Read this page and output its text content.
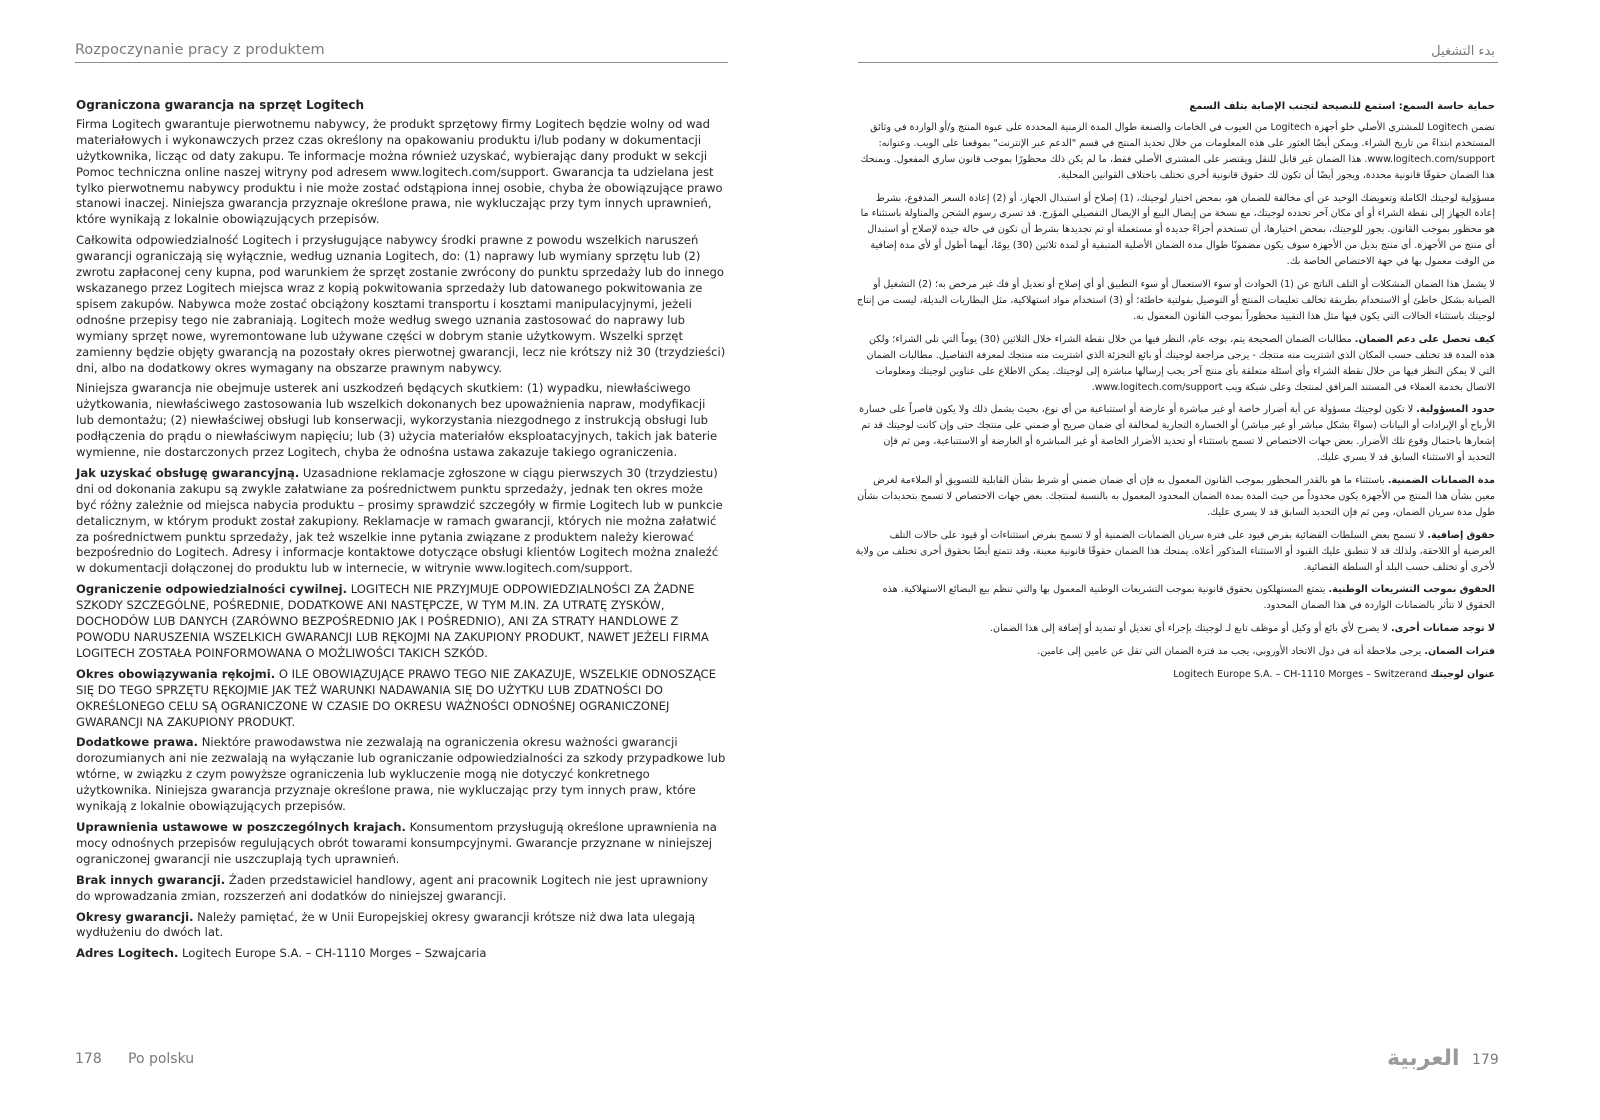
Rozpoczynanie pracy z produktem
Ograniczona gwarancja na sprzęt Logitech

Firma Logitech gwarantuje pierwotnemu nabywcy, że produkt sprzętowy firmy Logitech będzie wolny od wad materiałowych i wykonawczych przez czas określony na opakowaniu produktu i/lub podany w dokumentacji użytkownika, licząc od daty zakupu. Te informacje można również uzyskać, wybierając dany produkt w sekcji Pomoc techniczna online naszej witryny pod adresem www.logitech.com/support. Gwarancja ta udzielana jest tylko pierwotnemu nabywcy produktu i nie może zostać odstąpiona innej osobie, chyba że obowiązujące prawo stanowi inaczej. Niniejsza gwarancja przyznaje określone prawa, nie wykluczając przy tym innych uprawnień, które wynikają z lokalnie obowiązujących przepisów.

Całkowita odpowiedzialność Logitech i przysługujące nabywcy środki prawne z powodu wszelkich naruszeń gwarancji ograniczają się wyłącznie, według uznania Logitech, do: (1) naprawy lub wymiany sprzętu lub (2) zwrotu zapłaconej ceny kupna, pod warunkiem że sprzęt zostanie zwrócony do punktu sprzedaży lub do innego wskazanego przez Logitech miejsca wraz z kopią pokwitowania sprzedaży lub datowanego pokwitowania ze spisem zakupów. Nabywca może zostać obciążony kosztami transportu i kosztami manipulacyjnymi, jeżeli odnośne przepisy tego nie zabraniają. Logitech może według swego uznania zastosować do naprawy lub wymiany sprzęt nowe, wyremontowane lub używane części w dobrym stanie użytkowym. Wszelki sprzęt zamienny będzie objęty gwarancją na pozostały okres pierwotnej gwarancji, lecz nie krótszy niż 30 (trzydzieści) dni, albo na dodatkowy okres wymagany na obszarze prawnym nabywcy.

Niniejsza gwarancja nie obejmuje usterek ani uszkodzeń będących skutkiem: (1) wypadku, niewłaściwego użytkowania, niewłaściwego zastosowania lub wszelkich dokonanych bez upoważnienia napraw, modyfikacji lub demontażu; (2) niewłaściwej obsługi lub konserwacji, wykorzystania niezgodnego z instrukcją obsługi lub podłączenia do prądu o niewłaściwym napięciu; lub (3) użycia materiałów eksploatacyjnych, takich jak baterie wymienne, nie dostarczonych przez Logitech, chyba że odnośna ustawa zakazuje takiego ograniczenia.

Jak uzyskać obsługę gwarancyjną. Uzasadnione reklamacje zgłoszone w ciągu pierwszych 30 (trzydziestu) dni od dokonania zakupu są zwykle załatwiane za pośrednictwem punktu sprzedaży, jednak ten okres może być różny zależnie od miejsca nabycia produktu – prosimy sprawdzić szczegóły w firmie Logitech lub w punkcie detalicznym, w którym produkt został zakupiony. Reklamacje w ramach gwarancji, których nie można załatwić za pośrednictwem punktu sprzedaży, jak też wszelkie inne pytania związane z produktem należy kierować bezpośrednio do Logitech. Adresy i informacje kontaktowe dotyczące obsługi klientów Logitech można znaleźć w dokumentacji dołączonej do produktu lub w internecie, w witrynie www.logitech.com/support.

Ograniczenie odpowiedzialności cywilnej. LOGITECH NIE PRZYJMUJE ODPOWIEDZIALNOŚCI ZA ŻADNE SZKODY SZCZEGÓLNE, POŚREDNIE, DODATKOWE ANI NASTĘPCZE, W TYM M.IN. ZA UTRATĘ ZYSKÓW, DOCHODÓW LUB DANYCH (ZARÓWNO BEZPOŚREDNIO JAK I POŚREDNIO), ANI ZA STRATY HANDLOWE Z POWODU NARUSZENIA WSZELKICH GWARANCJI LUB RĘKOJMI NA ZAKUPIONY PRODUKT, NAWET JEŻELI FIRMA LOGITECH ZOSTAŁA POINFORMOWANA O MOŻLIWOŚCI TAKICH SZKÓD.

Okres obowiązywania rękojmi. O ILE OBOWIĄZUJĄCE PRAWO TEGO NIE ZAKAZUJE, WSZELKIE ODNOSZĄCE SIĘ DO TEGO SPRZĘTU RĘKOJMIE JAK TEŻ WARUNKI NADAWANIA SIĘ DO UŻYTKU LUB ZDATNOŚCI DO OKREŚLONEGO CELU SĄ OGRANICZONE W CZASIE DO OKRESU WAŻNOŚCI ODNOŚNEJ OGRANICZONEJ GWARANCJI NA ZAKUPIONY PRODUKT.

Dodatkowe prawa. Niektóre prawodawstwa nie zezwalają na ograniczenia okresu ważności gwarancji dorozumianych ani nie zezwalają na wyłączanie lub ograniczanie odpowiedzialności za szkody przypadkowe lub wtórne, w związku z czym powyższe ograniczenia lub wykluczenie mogą nie dotyczyć konkretnego użytkownika. Niniejsza gwarancja przyznaje określone prawa, nie wykluczając przy tym innych praw, które wynikają z lokalnie obowiązujących przepisów.

Uprawnienia ustawowe w poszczególnych krajach. Konsumentom przysługują określone uprawnienia na mocy odnośnych przepisów regulujących obrót towarami konsumpcyjnymi. Gwarancje przyznane w niniejszej ograniczonej gwarancji nie uszczuplają tych uprawnień.

Brak innych gwarancji. Żaden przedstawiciel handlowy, agent ani pracownik Logitech nie jest uprawniony do wprowadzania zmian, rozszerzeń ani dodatków do niniejszej gwarancji.

Okresy gwarancji. Należy pamiętać, że w Unii Europejskiej okresy gwarancji krótsze niż dwa lata ulegają wydłużeniu do dwóch lat.

Adres Logitech. Logitech Europe S.A. – CH-1110 Morges – Szwajcaria

178 Po polsku
بدء التشغيل
حماية حاسة السمع: استمع للنصيحة لتجنب الإصابة بتلف السمع

تضمن Logitech للمشتري الأصلي خلو أجهزة Logitech من العيوب في الخامات والصنعة طوال المدة الزمنية المحددة على عبوة المنتج و/أو الواردة في وثائق المستخدم ابتداءً من تاريخ الشراء. ويمكن أيضًا العثور على هذه المعلومات من خلال تحديد المنتج في قسم "الدعم عبر الإنترنت" بموقعنا على الويب. وعنوانه: www.logitech.com/support. هذا الضمان غير قابل للنقل ويقتصر على المشتري الأصلي فقط، ما لم يكن ذلك محظورًا بموجب قانون ساري المفعول. ويمنحك هذا الضمان حقوقًا قانونية محددة، ويجوز أيضًا أن تكون لك حقوق قانونية أخرى تختلف باختلاف القوانين المحلية.

مسؤولية لوجيتك الكاملة وتعويضك الوحيد عن أي مخالفة للضمان هو، بمحض اختيار لوجيتك، (1) إصلاح أو استبدال الجهاز، أو (2) إعادة السعر المدفوع، بشرط إعادة الجهاز إلى نقطة الشراء أو أي مكان آخر تحدده لوجيتك، مع نسخة من إيصال البيع أو الإيصال التفصيلي المؤرخ. قد تسري رسوم الشحن والمناولة باستثناء ما هو محظور بموجب القانون. يجوز للوجيتك، بمحض اختيارها، أن تستخدم أجزاءً جديدة أو مستعملة أو تم تجديدها بشرط أن تكون في حالة جيدة لإصلاح أو استبدال أي منتج من الأجهزة. أي منتج بديل من الأجهزة سوف يكون مضمونًا طوال مدة الضمان الأصلية المتبقية أو لمدة ثلاثين (30) يومًا، أيهما أطول أو لأي مدة إضافية من الوقت معمول بها في جهة الاختصاص الخاصة بك.

لا يشمل هذا الضمان المشكلات أو التلف الناتج عن (1) الحوادث أو سوء الاستعمال أو سوء التطبيق أو أي إصلاح أو تعديل أو فك غير مرخص به؛ (2) التشغيل أو الصيانة بشكل خاطئ أو الاستخدام بطريقة تخالف تعليمات المنتج أو التوصيل بفولتية خاطئة؛ أو (3) استخدام مواد استهلاكية، مثل البطاريات البديلة، ليست من إنتاج لوجيتك باستثناء الحالات التي يكون فيها مثل هذا التقييد محظوراً بموجب القانون المعمول به.

كيف تحصل على دعم الضمان. مطالبات الضمان الصحيحة يتم، بوجه عام، النظر فيها من خلال نقطة الشراء خلال الثلاثين (30) يوماً التي تلي الشراء؛ ولكن هذه المدة قد تختلف حسب المكان الذي اشتريت منه منتجك - يرجى مراجعة لوجيتك أو بائع التجزئة الذي اشتريت منه منتجك لمعرفة التفاصيل. مطالبات الضمان التي لا يمكن النظر فيها من خلال نقطة الشراء وأي أسئلة متعلقة بأي منتج آخر يجب إرسالها مباشرة إلى لوجيتك. يمكن الاطلاع على عناوين لوجيتك ومعلومات الاتصال بخدمة العملاء في المستند المرافق لمنتجك وعلى شبكة ويب www.logitech.com/support.

حدود المسؤولية. لا تكون لوجيتك مسؤولة عن أية أضرار خاصة أو غير مباشرة أو عارضة أو استتباعية من أي نوع، بحيث يشمل ذلك ولا يكون قاصراً على خسارة الأرباح أو الإيرادات أو البيانات (سواءً بشكل مباشر أو غير مباشر) أو الخسارة التجارية لمخالفة أي ضمان صريح أو ضمني على منتجك حتى وإن كانت لوجيتك قد تم إشعارها باحتمال وقوع تلك الأضرار. بعض جهات الاختصاص لا تسمح باستثناء أو تحديد الأضرار الخاصة أو غير المباشرة أو العارضة أو الاستتباعية، ومن ثم فإن التحديد أو الاستثناء السابق قد لا يسري عليك.

مدة الضمانات الضمنية. باستثناء ما هو بالقدر المحظور بموجب القانون المعمول به فإن أي ضمان ضمني أو شرط بشأن القابلية للتسويق أو الملاءمة لغرض معين بشأن هذا المنتج من الأجهزة يكون محدوداً من حيث المدة بمدة الضمان المحدود المعمول به بالنسبة لمنتجك. بعض جهات الاختصاص لا تسمح بتحديدات بشأن طول مدة سريان الضمان، ومن ثم فإن التحديد السابق قد لا يسري عليك.

حقوق إضافية. لا تسمح بعض السلطات القضائية بفرض قيود على فترة سريان الضمانات الضمنية أو لا تسمح بفرض استثناءات أو قيود على حالات التلف العرضية أو اللاحقة، ولذلك قد لا تنطبق عليك القيود أو الاستثناء المذكور أعلاه. يمنحك هذا الضمان حقوقًا قانونية معينة، وقد تتمتع أيضًا بحقوق أخرى تختلف من ولاية لأخرى أو تختلف حسب البلد أو السلطة القضائية.

الحقوق بموجب التشريعات الوطنية. يتمتع المستهلكون بحقوق قانونية بموجب التشريعات الوطنية المعمول بها والتي تنظم بيع البضائع الاستهلاكية. هذه الحقوق لا تتأثر بالضمانات الواردة في هذا الضمان المحدود.

لا توجد ضمانات أخرى. لا يصرح لأي بائع أو وكيل أو موظف تابع لـ لوجيتك بإجراء أي تعديل أو تمديد أو إضافة إلى هذا الضمان.

فترات الضمان. يرجى ملاحظة أنه في دول الاتحاد الأوروبي، يجب مد فترة الضمان التي تقل عن عامين إلى عامين.

عنوان لوجيتك Logitech Europe S.A. – CH-1110 Morges – Switzerand

179
العربية
